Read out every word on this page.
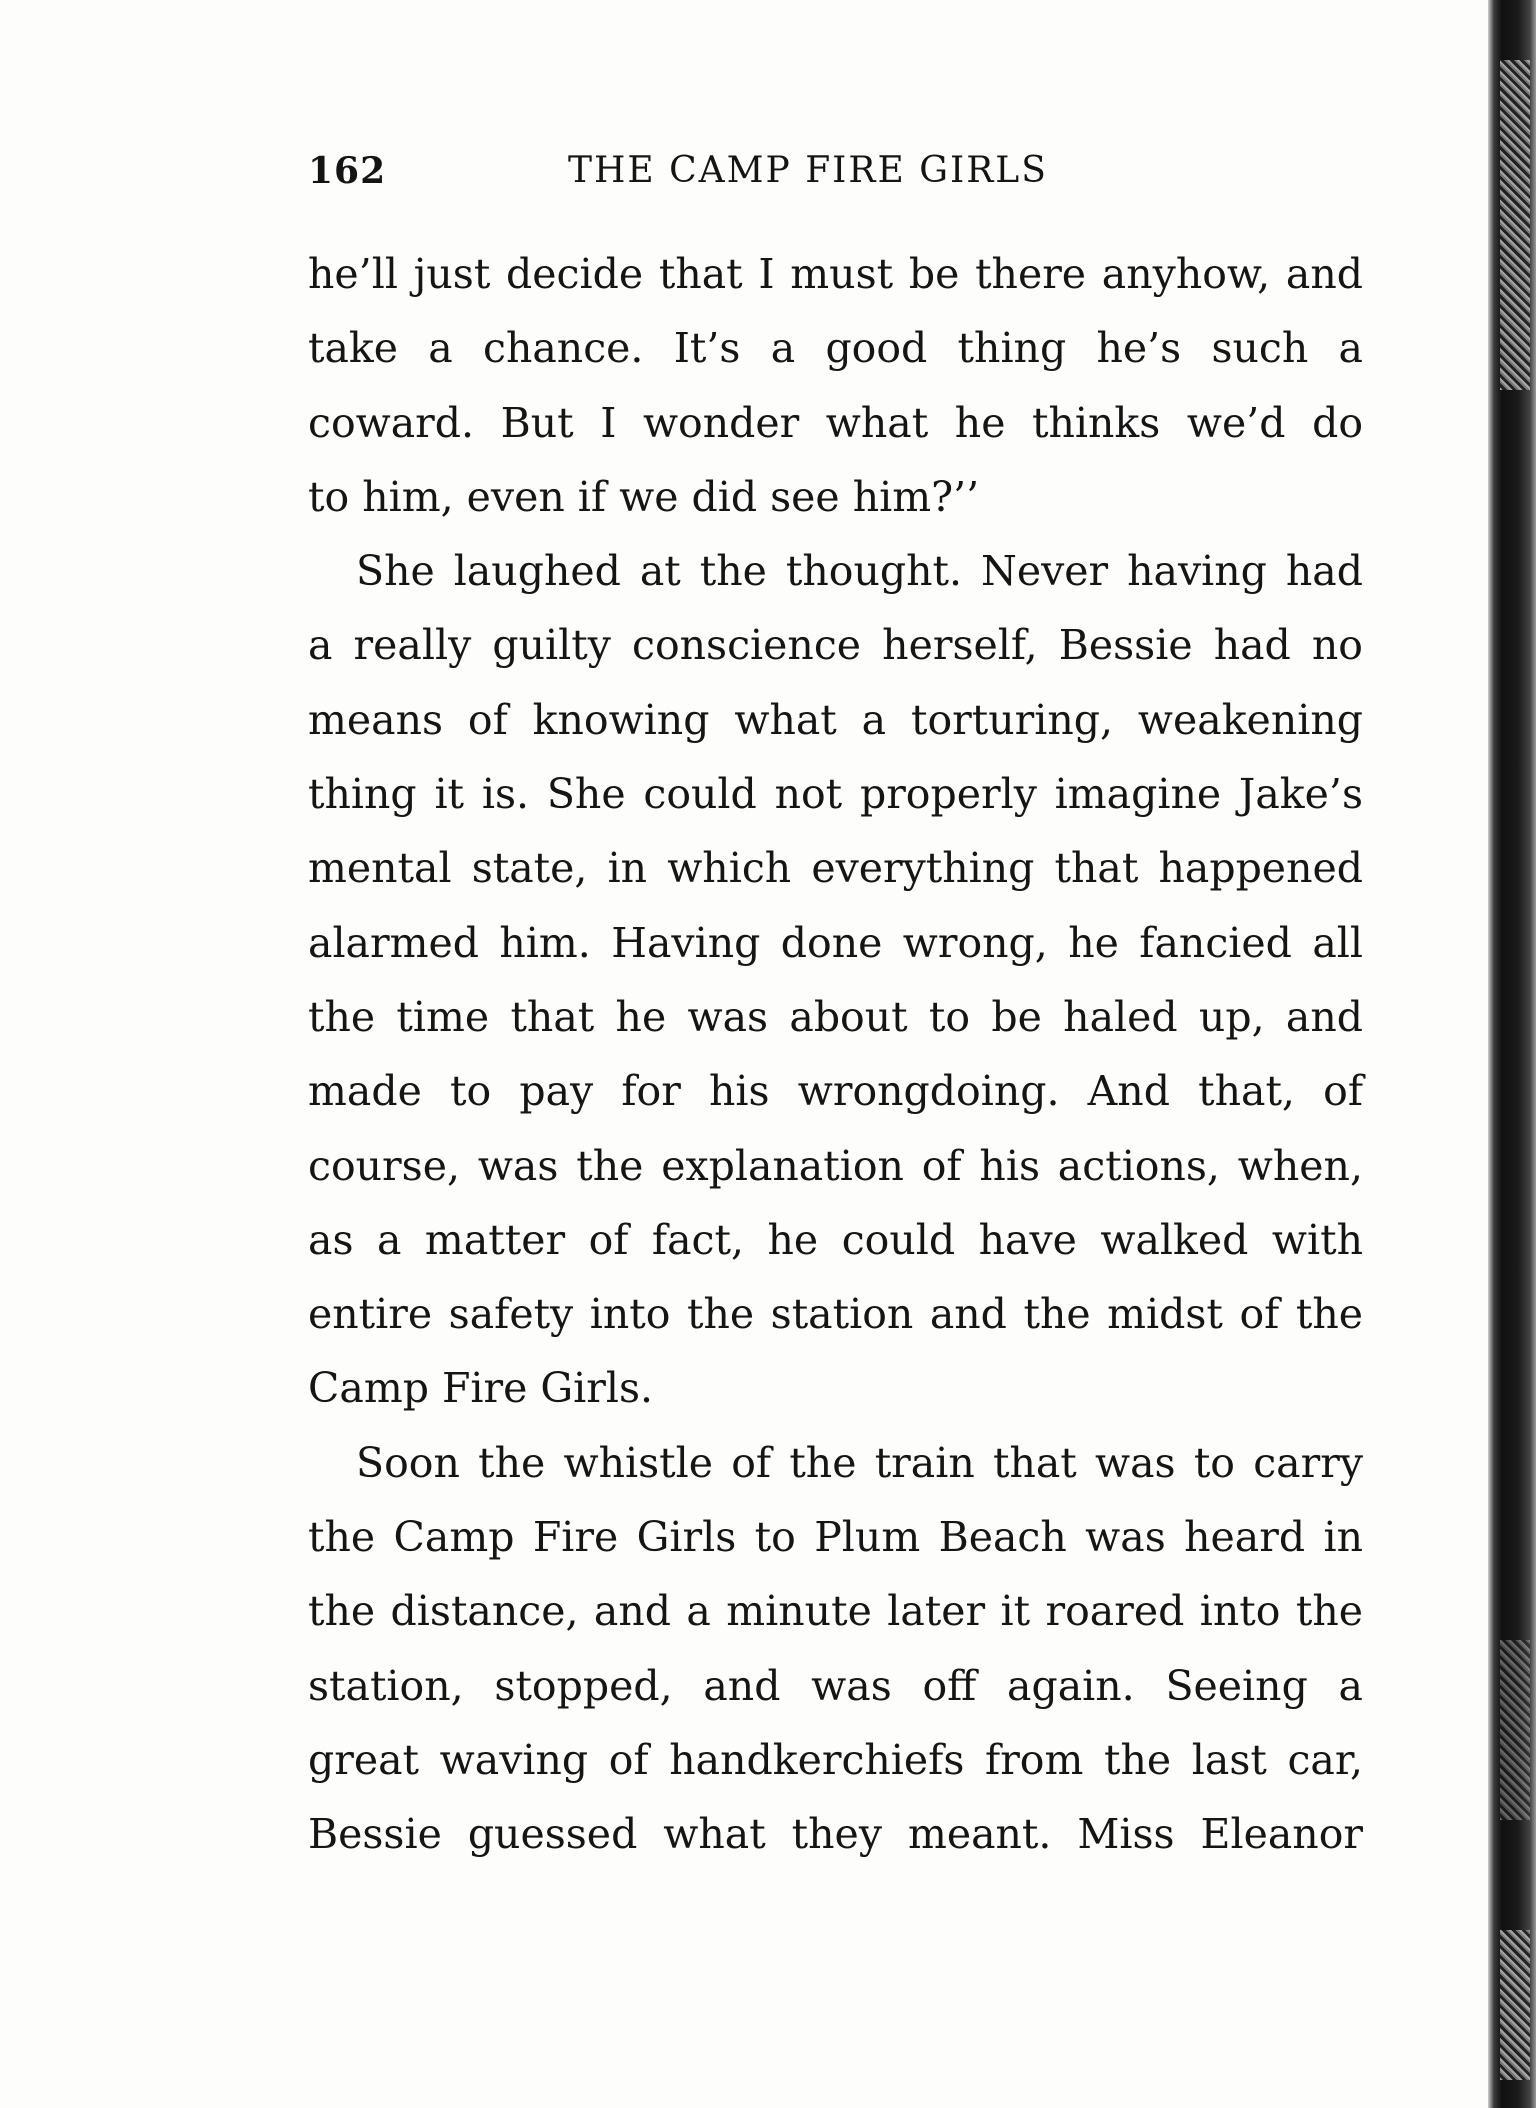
162	THE CAMP FIRE GIRLS
he’ll just decide that I must be there anyhow, and
take a chance. It’s a good thing he’s such a
coward. But I wonder what he thinks we’d do
to him, even if we did see him?’’
She laughed at the thought. Never having had
a really guilty conscience herself, Bessie had no
means of knowing what a torturing, weakening
thing it is. She could not properly imagine Jake’s
mental state, in which everything that happened
alarmed him. Having done wrong, he fancied all
the time that he was about to be haled up, and
made to pay for his wrongdoing. And that, of
course, was the explanation of his actions, when,
as a matter of fact, he could have walked with
entire safety into the station and the midst of the
Camp Fire Girls.
Soon the whistle of the train that was to carry
the Camp Fire Girls to Plum Beach was heard in
the distance, and a minute later it roared into the
station, stopped, and was off again. Seeing a
great waving of handkerchiefs from the last car,
Bessie guessed what they meant. Miss Eleanor
